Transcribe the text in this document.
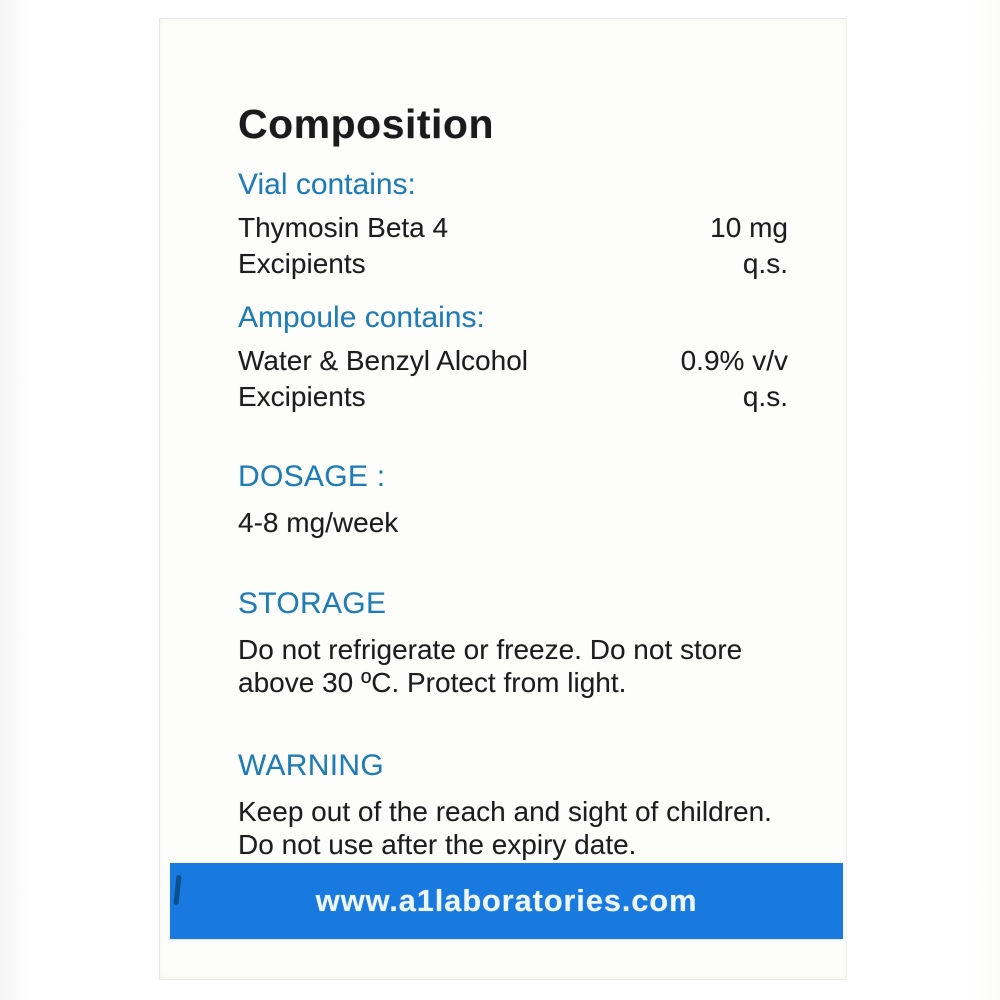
Composition
Vial contains:
Thymosin Beta 4	10 mg
Excipients	q.s.
Ampoule contains:
Water & Benzyl Alcohol	0.9% v/v
Excipients	q.s.
DOSAGE :

4-8 mg/week

STORAGE

Do not refrigerate or freeze. Do not store above 30 ºC. Protect from light.

WARNING

Keep out of the reach and sight of children. Do not use after the expiry date.

www.a1laboratories.com
